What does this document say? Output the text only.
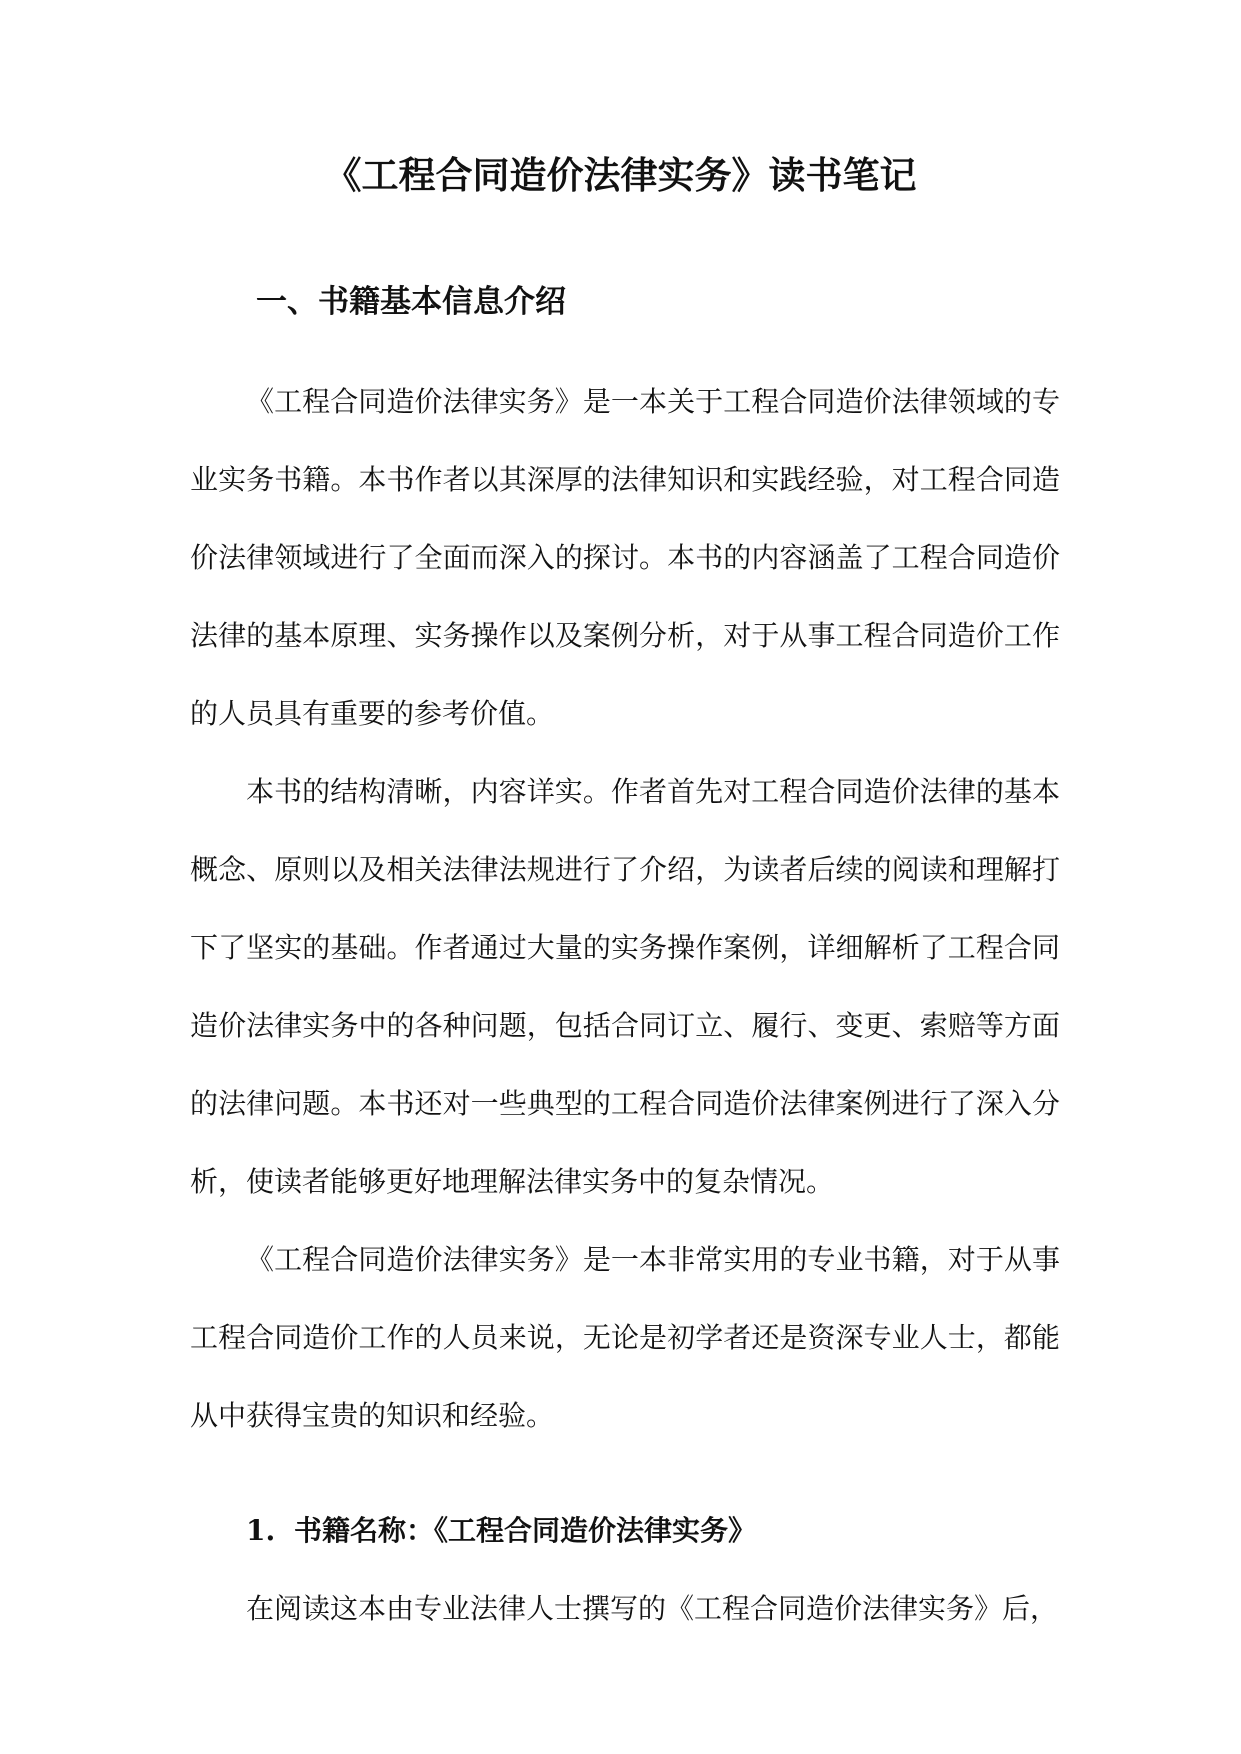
《工程合同造价法律实务》读书笔记
一、书籍基本信息介绍

《工程合同造价法律实务》是一本关于工程合同造价法律领域的专业实务书籍。本书作者以其深厚的法律知识和实践经验，对工程合同造价法律领域进行了全面而深入的探讨。本书的内容涵盖了工程合同造价法律的基本原理、实务操作以及案例分析，对于从事工程合同造价工作的人员具有重要的参考价值。

本书的结构清晰，内容详实。作者首先对工程合同造价法律的基本概念、原则以及相关法律法规进行了介绍，为读者后续的阅读和理解打下了坚实的基础。作者通过大量的实务操作案例，详细解析了工程合同造价法律实务中的各种问题，包括合同订立、履行、变更、索赔等方面的法律问题。本书还对一些典型的工程合同造价法律案例进行了深入分析，使读者能够更好地理解法律实务中的复杂情况。

《工程合同造价法律实务》是一本非常实用的专业书籍，对于从事工程合同造价工作的人员来说，无论是初学者还是资深专业人士，都能从中获得宝贵的知识和经验。

1. 书籍名称：《工程合同造价法律实务》

在阅读这本由专业法律人士撰写的《工程合同造价法律实务》后，
